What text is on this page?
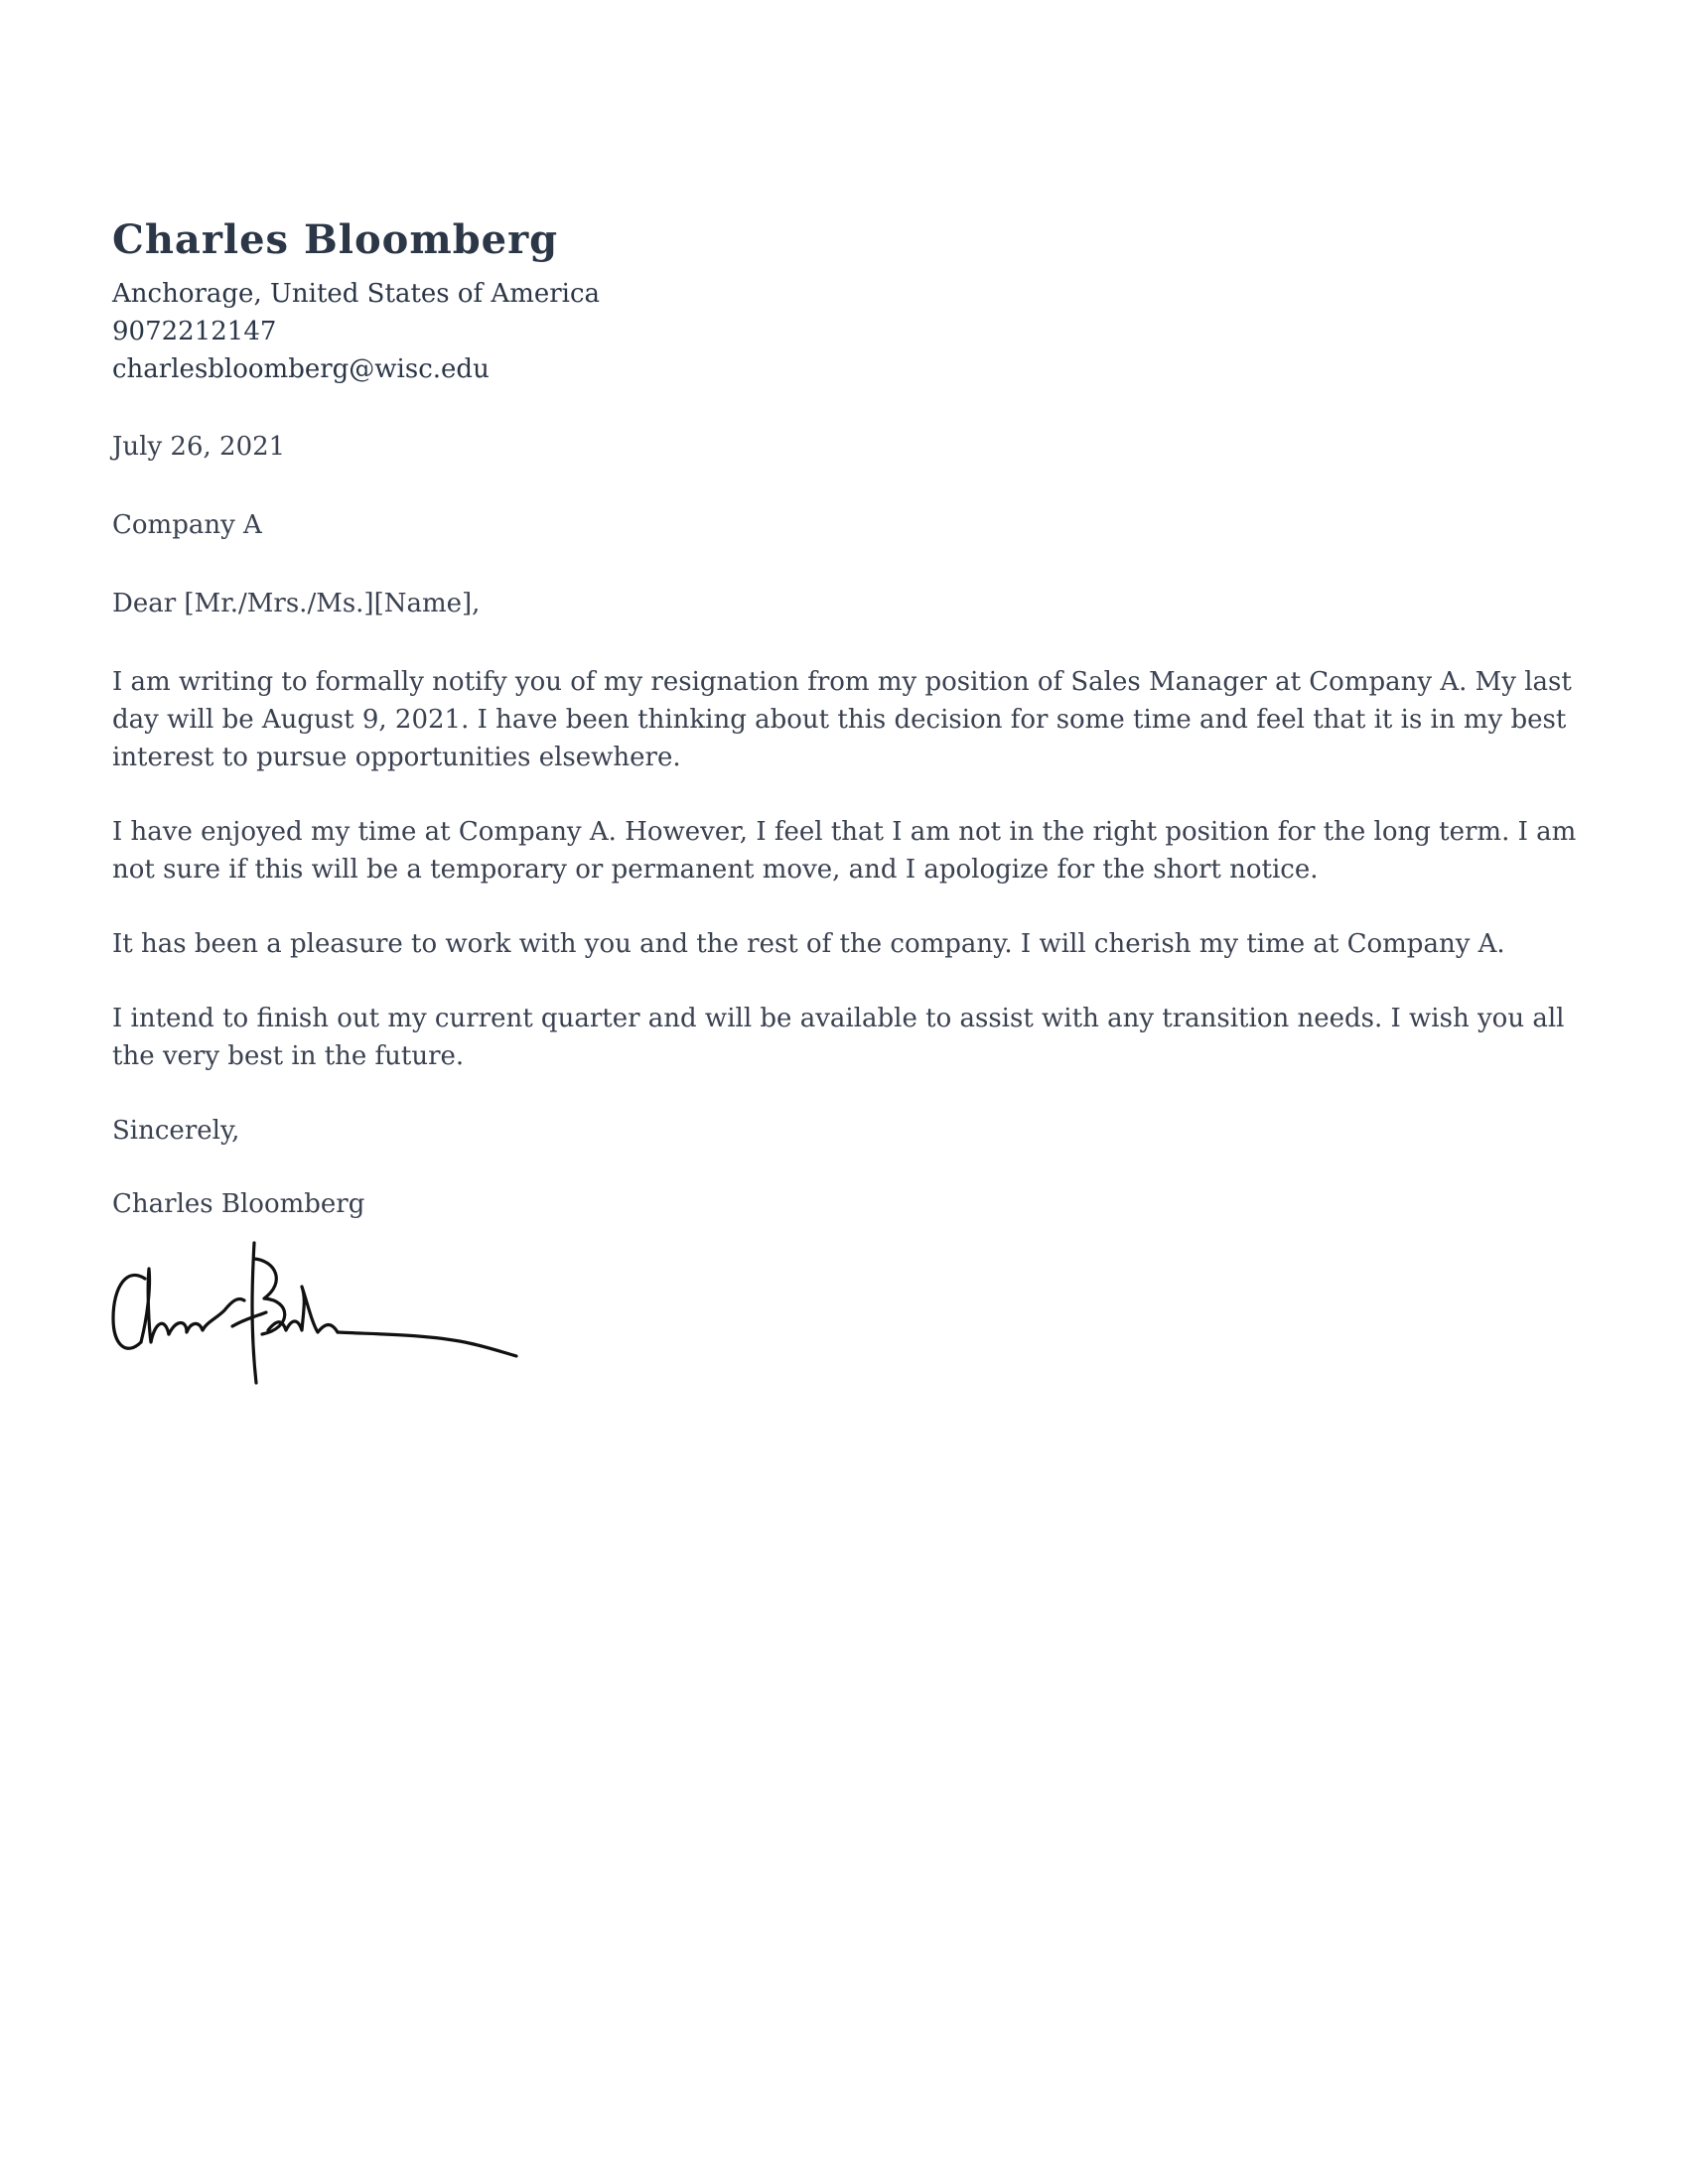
Charles Bloomberg
Anchorage, United States of America
9072212147
charlesbloomberg@wisc.edu
July 26, 2021
Company A
Dear [Mr./Mrs./Ms.][Name],
I am writing to formally notify you of my resignation from my position of Sales Manager at Company A. My last day will be August 9, 2021. I have been thinking about this decision for some time and feel that it is in my best interest to pursue opportunities elsewhere.
I have enjoyed my time at Company A. However, I feel that I am not in the right position for the long term. I am not sure if this will be a temporary or permanent move, and I apologize for the short notice.
It has been a pleasure to work with you and the rest of the company. I will cherish my time at Company A.
I intend to finish out my current quarter and will be available to assist with any transition needs. I wish you all the very best in the future.
Sincerely,
Charles Bloomberg
